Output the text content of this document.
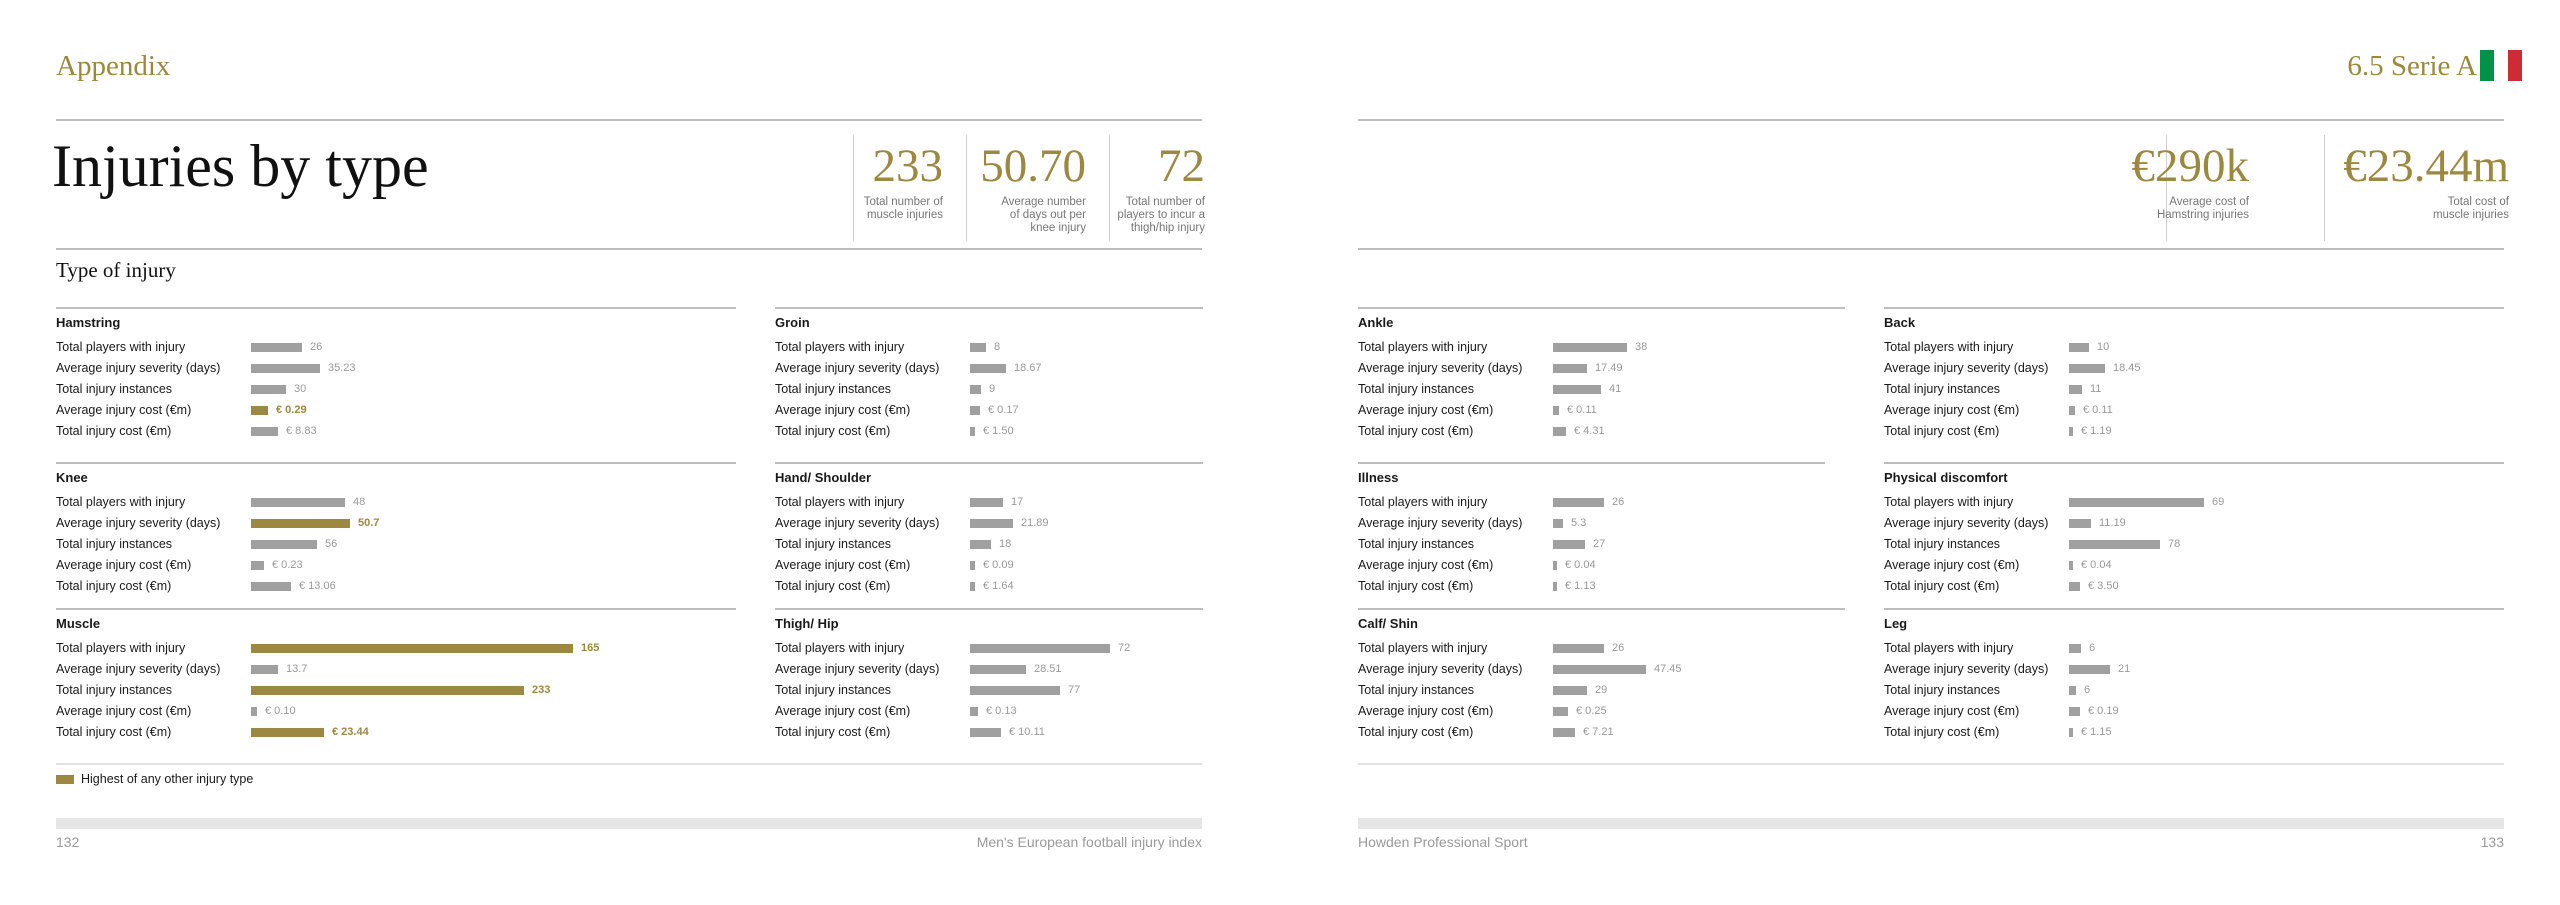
Appendix	6.5 Serie A
Injuries by type	233
Total number of
muscle injuries
50.70
Average number
of days out per
knee injury
72
Total number of
players to incur a
thigh/hip injury
€290k
Average cost of
Hamstring injuries
€23.44m
Total cost of
muscle injuries
Type of injury
Hamstring
Total players with injury	26
Average injury severity (days)	35.23
Total injury instances	30
Average injury cost (€m)	€ 0.29
Total injury cost (€m)	€ 8.83
Groin
Total players with injury	8
Average injury severity (days)	18.67
Total injury instances	9
Average injury cost (€m)	€ 0.17
Total injury cost (€m)	€ 1.50
Knee
Total players with injury	48
Average injury severity (days)	50.7
Total injury instances	56
Average injury cost (€m)	€ 0.23
Total injury cost (€m)	€ 13.06
Hand/ Shoulder
Total players with injury	17
Average injury severity (days)	21.89
Total injury instances	18
Average injury cost (€m)	€ 0.09
Total injury cost (€m)	€ 1.64
Muscle
Total players with injury	165
Average injury severity (days)	13.7
Total injury instances	233
Average injury cost (€m)	€ 0.10
Total injury cost (€m)	€ 23.44
Thigh/ Hip
Total players with injury	72
Average injury severity (days)	28.51
Total injury instances	77
Average injury cost (€m)	€ 0.13
Total injury cost (€m)	€ 10.11
Ankle
Total players with injury	38
Average injury severity (days)	17.49
Total injury instances	41
Average injury cost (€m)	€ 0.11
Total injury cost (€m)	€ 4.31
Back
Total players with injury	10
Average injury severity (days)	18.45
Total injury instances	11
Average injury cost (€m)	€ 0.11
Total injury cost (€m)	€ 1.19
Illness
Total players with injury	26
Average injury severity (days)	5.3
Total injury instances	27
Average injury cost (€m)	€ 0.04
Total injury cost (€m)	€ 1.13
Physical discomfort
Total players with injury	69
Average injury severity (days)	11.19
Total injury instances	78
Average injury cost (€m)	€ 0.04
Total injury cost (€m)	€ 3.50
Calf/ Shin
Total players with injury	26
Average injury severity (days)	47.45
Total injury instances	29
Average injury cost (€m)	€ 0.25
Total injury cost (€m)	€ 7.21
Leg
Total players with injury	6
Average injury severity (days)	21
Total injury instances	6
Average injury cost (€m)	€ 0.19
Total injury cost (€m)	€ 1.15
Highest of any other injury type
132	Men's European football injury index	Howden Professional Sport	133
